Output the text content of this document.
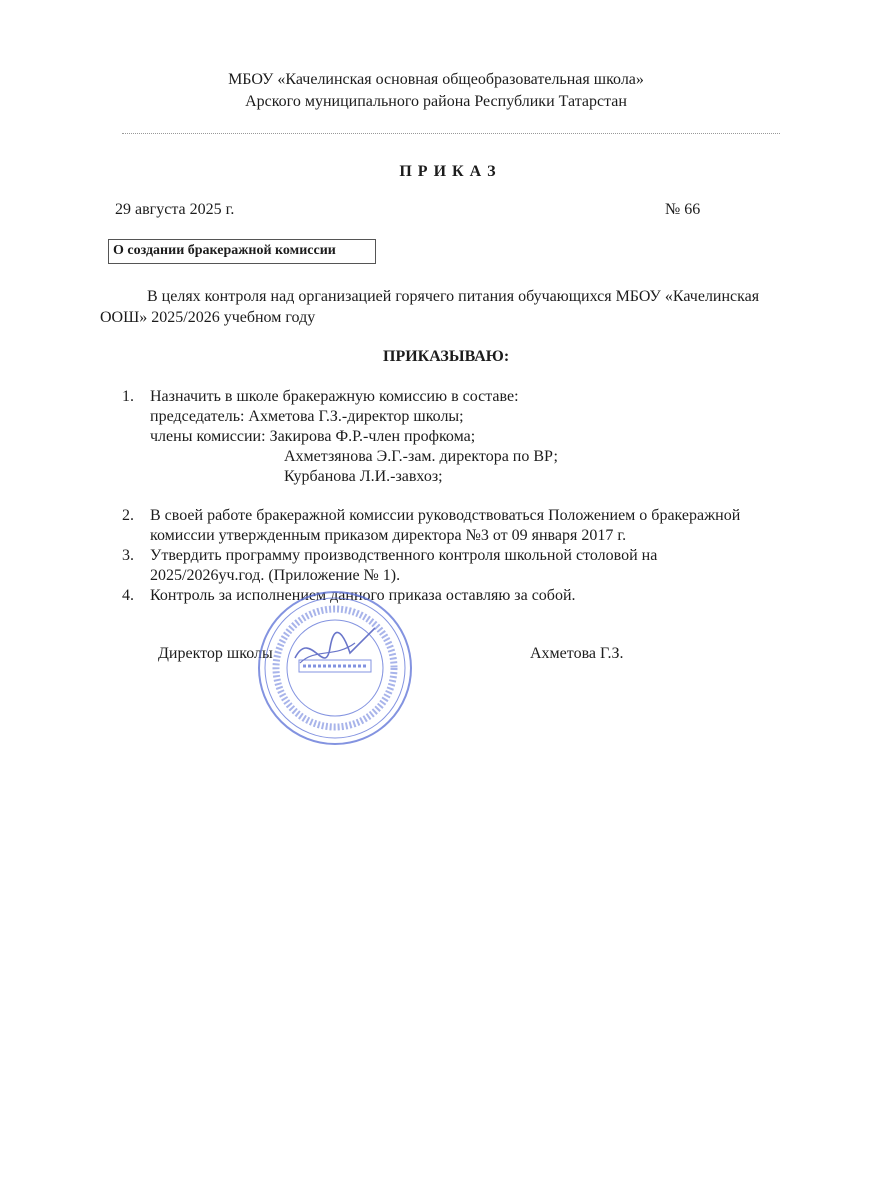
МБОУ «Качелинская основная общеобразовательная школа»
Арского муниципального района Республики Татарстан
П Р И К А З
29 августа 2025 г.	№ 66
О создании бракеражной комиссии
В целях контроля над организацией горячего питания обучающихся МБОУ «Качелинская
ООШ» 2025/2026 учебном году
ПРИКАЗЫВАЮ:
1. Назначить в школе бракеражную комиссию в составе:
председатель: Ахметова Г.З.-директор школы;
члены комиссии: Закирова Ф.Р.-член профкома;
Ахметзянова Э.Г.-зам. директора по ВР;
Курбанова Л.И.-завхоз;
2. В своей работе бракеражной комиссии руководствоваться Положением о бракеражной
комиссии утвержденным приказом директора №3 от 09 января 2017 г.
3. Утвердить программу производственного контроля школьной столовой на
2025/2026уч.год. (Приложение № 1).
4. Контроль за исполнением данного приказа оставляю за собой.
Директор школы	Ахметова Г.З.
